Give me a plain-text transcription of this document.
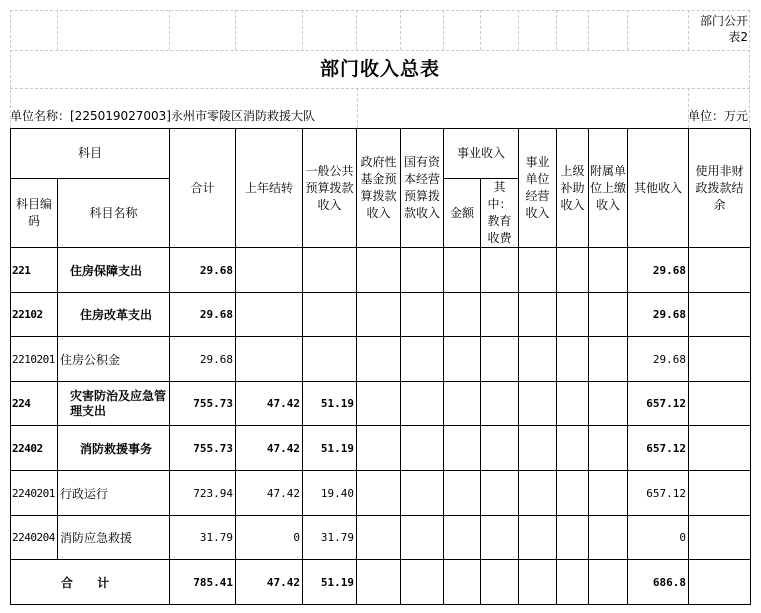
部门公开
表2
部门收入总表
单位名称：[225019027003]永州市零陵区消防救援大队	单位：万元
科目		合计	上年结转	一般公共预算拨款收入	政府性基金预算拨款收入	国有资本经营预算拨款收入	事业收入		事业单位经营收入	上级补助收入	附属单位上缴收入	其他收入	使用非财政拨款结余
科目编码	科目名称						金额	其中：教育收费					
221	住房保障支出	29.68										29.68	
22102	住房改革支出	29.68										29.68	
2210201	住房公积金	29.68										29.68	
224	灾害防治及应急管理支出	755.73	47.42	51.19								657.12	
22402	消防救援事务	755.73	47.42	51.19								657.12	
2240201	行政运行	723.94	47.42	19.40								657.12	
2240204	消防应急救援	31.79	0	31.79								0	
合 计		785.41	47.42	51.19								686.8	
